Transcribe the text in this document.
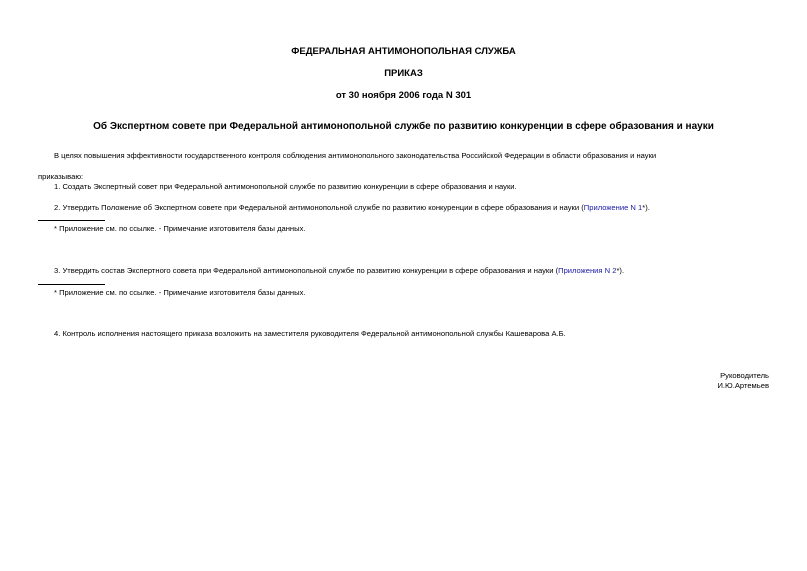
ФЕДЕРАЛЬНАЯ АНТИМОНОПОЛЬНАЯ СЛУЖБА
ПРИКАЗ
от 30 ноября 2006 года N 301
Об Экспертном совете при Федеральной антимонопольной службе по развитию конкуренции в сфере образования и науки
В целях повышения эффективности государственного контроля соблюдения антимонопольного законодательства Российской Федерации в области образования и науки
приказываю:
1. Создать Экспертный совет при Федеральной антимонопольной службе по развитию конкуренции в сфере образования и науки.
2. Утвердить Положение об Экспертном совете при Федеральной антимонопольной службе по развитию конкуренции в сфере образования и науки (Приложение N 1*).
* Приложение см. по ссылке. - Примечание изготовителя базы данных.
3. Утвердить состав Экспертного совета при Федеральной антимонопольной службе по развитию конкуренции в сфере образования и науки (Приложения N 2*).
* Приложение см. по ссылке. - Примечание изготовителя базы данных.
4. Контроль исполнения настоящего приказа возложить на заместителя руководителя Федеральной антимонопольной службы Кашеварова А.Б.
Руководитель
И.Ю.Артемьев
